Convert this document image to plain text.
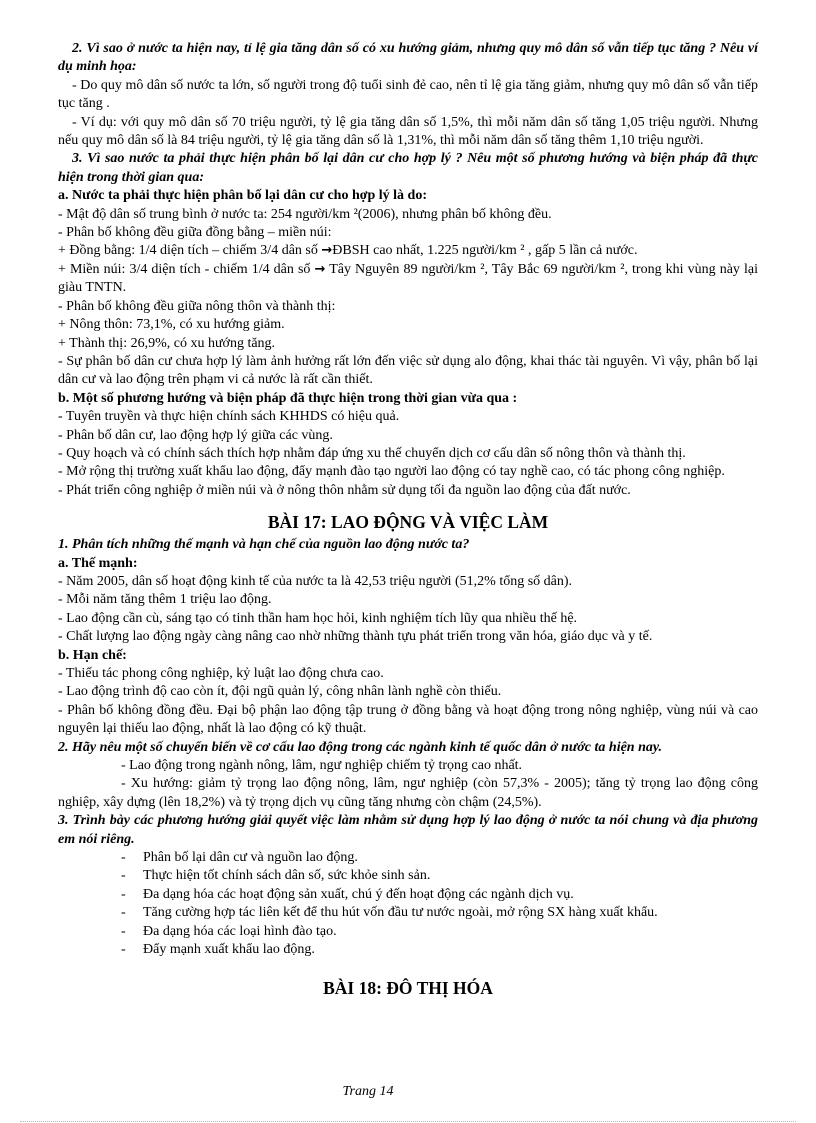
2. Vì sao ở nước ta hiện nay, tỉ lệ gia tăng dân số có xu hướng giảm, nhưng quy mô dân số vẫn tiếp tục tăng ? Nêu ví dụ minh họa:

- Do quy mô dân số nước ta lớn, số người trong độ tuổi sinh đẻ cao, nên tỉ lệ gia tăng giảm, nhưng quy mô dân số vẫn tiếp tục tăng .

- Ví dụ: với quy mô dân số 70 triệu người, tỷ lệ gia tăng dân số 1,5%, thì mỗi năm dân số tăng 1,05 triệu người. Nhưng nếu quy mô dân số là 84 triệu người, tỷ lệ gia tăng dân số là 1,31%, thì mỗi năm dân số tăng thêm 1,10 triệu người.

3. Vì sao nước ta phải thực hiện phân bố lại dân cư cho hợp lý ? Nêu một số phương hướng và biện pháp đã thực hiện trong thời gian qua:

a. Nước ta phải thực hiện phân bố lại dân cư cho hợp lý là do:

- Mật độ dân số trung bình ở nước ta: 254 người/km ²(2006), nhưng phân bố không đều.

- Phân bố không đều giữa đồng bằng – miền núi:

+ Đồng bằng: 1/4 diện tích – chiếm 3/4 dân số →ĐBSH cao nhất, 1.225 người/km ² , gấp 5 lần cả nước.

+ Miền núi: 3/4 diện tích - chiếm 1/4 dân số → Tây Nguyên 89 người/km ², Tây Bắc 69 người/km ², trong khi vùng này lại giàu TNTN.

- Phân bố không đều giữa nông thôn và thành thị:

+ Nông thôn: 73,1%, có xu hướng giảm.

+ Thành thị: 26,9%, có xu hướng tăng.

- Sự phân bố dân cư chưa hợp lý làm ảnh hưởng rất lớn đến việc sử dụng alo động, khai thác tài nguyên. Vì vậy, phân bố lại dân cư và lao động trên phạm vi cả nước là rất cần thiết.

b. Một số phương hướng và biện pháp đã thực hiện trong thời gian vừa qua :

- Tuyên truyền và thực hiện chính sách KHHDS có hiệu quả.

- Phân bố dân cư, lao động hợp lý giữa các vùng.

- Quy hoạch và có chính sách thích hợp nhằm đáp ứng xu thế chuyển dịch cơ cấu dân số nông thôn và thành thị.

- Mở rộng thị trường xuất khẩu lao động, đẩy mạnh đào tạo người lao động có tay nghề cao, có tác phong công nghiệp.

- Phát triển công nghiệp ở miền núi và ở nông thôn nhằm sử dụng tối đa nguồn lao động của đất nước.

BÀI 17: LAO ĐỘNG VÀ VIỆC LÀM

1. Phân tích những thế mạnh và hạn chế của nguồn lao động nước ta?

a. Thế mạnh:

- Năm 2005, dân số hoạt động kinh tế của nước ta là 42,53 triệu người (51,2% tổng số dân).

- Mỗi năm tăng thêm 1 triệu lao động.

- Lao động cần cù, sáng tạo có tinh thần ham học hỏi, kinh nghiệm tích lũy qua nhiều thế hệ.

- Chất lượng lao động ngày càng nâng cao nhờ những thành tựu phát triển trong văn hóa, giáo dục và y tế.

b. Hạn chế:

- Thiếu tác phong công nghiệp, kỷ luật lao động chưa cao.

- Lao động trình độ cao còn ít, đội ngũ quản lý, công nhân lành nghề còn thiếu.

- Phân bố không đồng đều. Đại bộ phận lao động tập trung ở đồng bằng và hoạt động trong nông nghiệp, vùng núi và cao nguyên lại thiếu lao động, nhất là lao động có kỹ thuật.

2. Hãy nêu một số chuyển biến về cơ cấu lao động trong các ngành kinh tế quốc dân ở nước ta hiện nay.

- Lao động trong ngành nông, lâm, ngư nghiệp chiếm tỷ trọng cao nhất.

- Xu hướng: giảm tỷ trọng lao động nông, lâm, ngư nghiệp (còn 57,3% - 2005); tăng tỷ trọng lao động công nghiệp, xây dựng (lên 18,2%) và tỷ trọng dịch vụ cũng tăng nhưng còn chậm (24,5%).

3. Trình bày các phương hướng giải quyết việc làm nhằm sử dụng hợp lý lao động ở nước ta nói chung và địa phương em nói riêng.

- Phân bố lại dân cư và nguồn lao động.
- Thực hiện tốt chính sách dân số, sức khỏe sinh sản.
- Đa dạng hóa các hoạt động sản xuất, chú ý đến hoạt động các ngành dịch vụ.
- Tăng cường hợp tác liên kết để thu hút vốn đầu tư nước ngoài, mở rộng SX hàng xuất khẩu.
- Đa dạng hóa các loại hình đào tạo.
- Đẩy mạnh xuất khẩu lao động.
BÀI 18: ĐÔ THỊ HÓA
Trang 14
